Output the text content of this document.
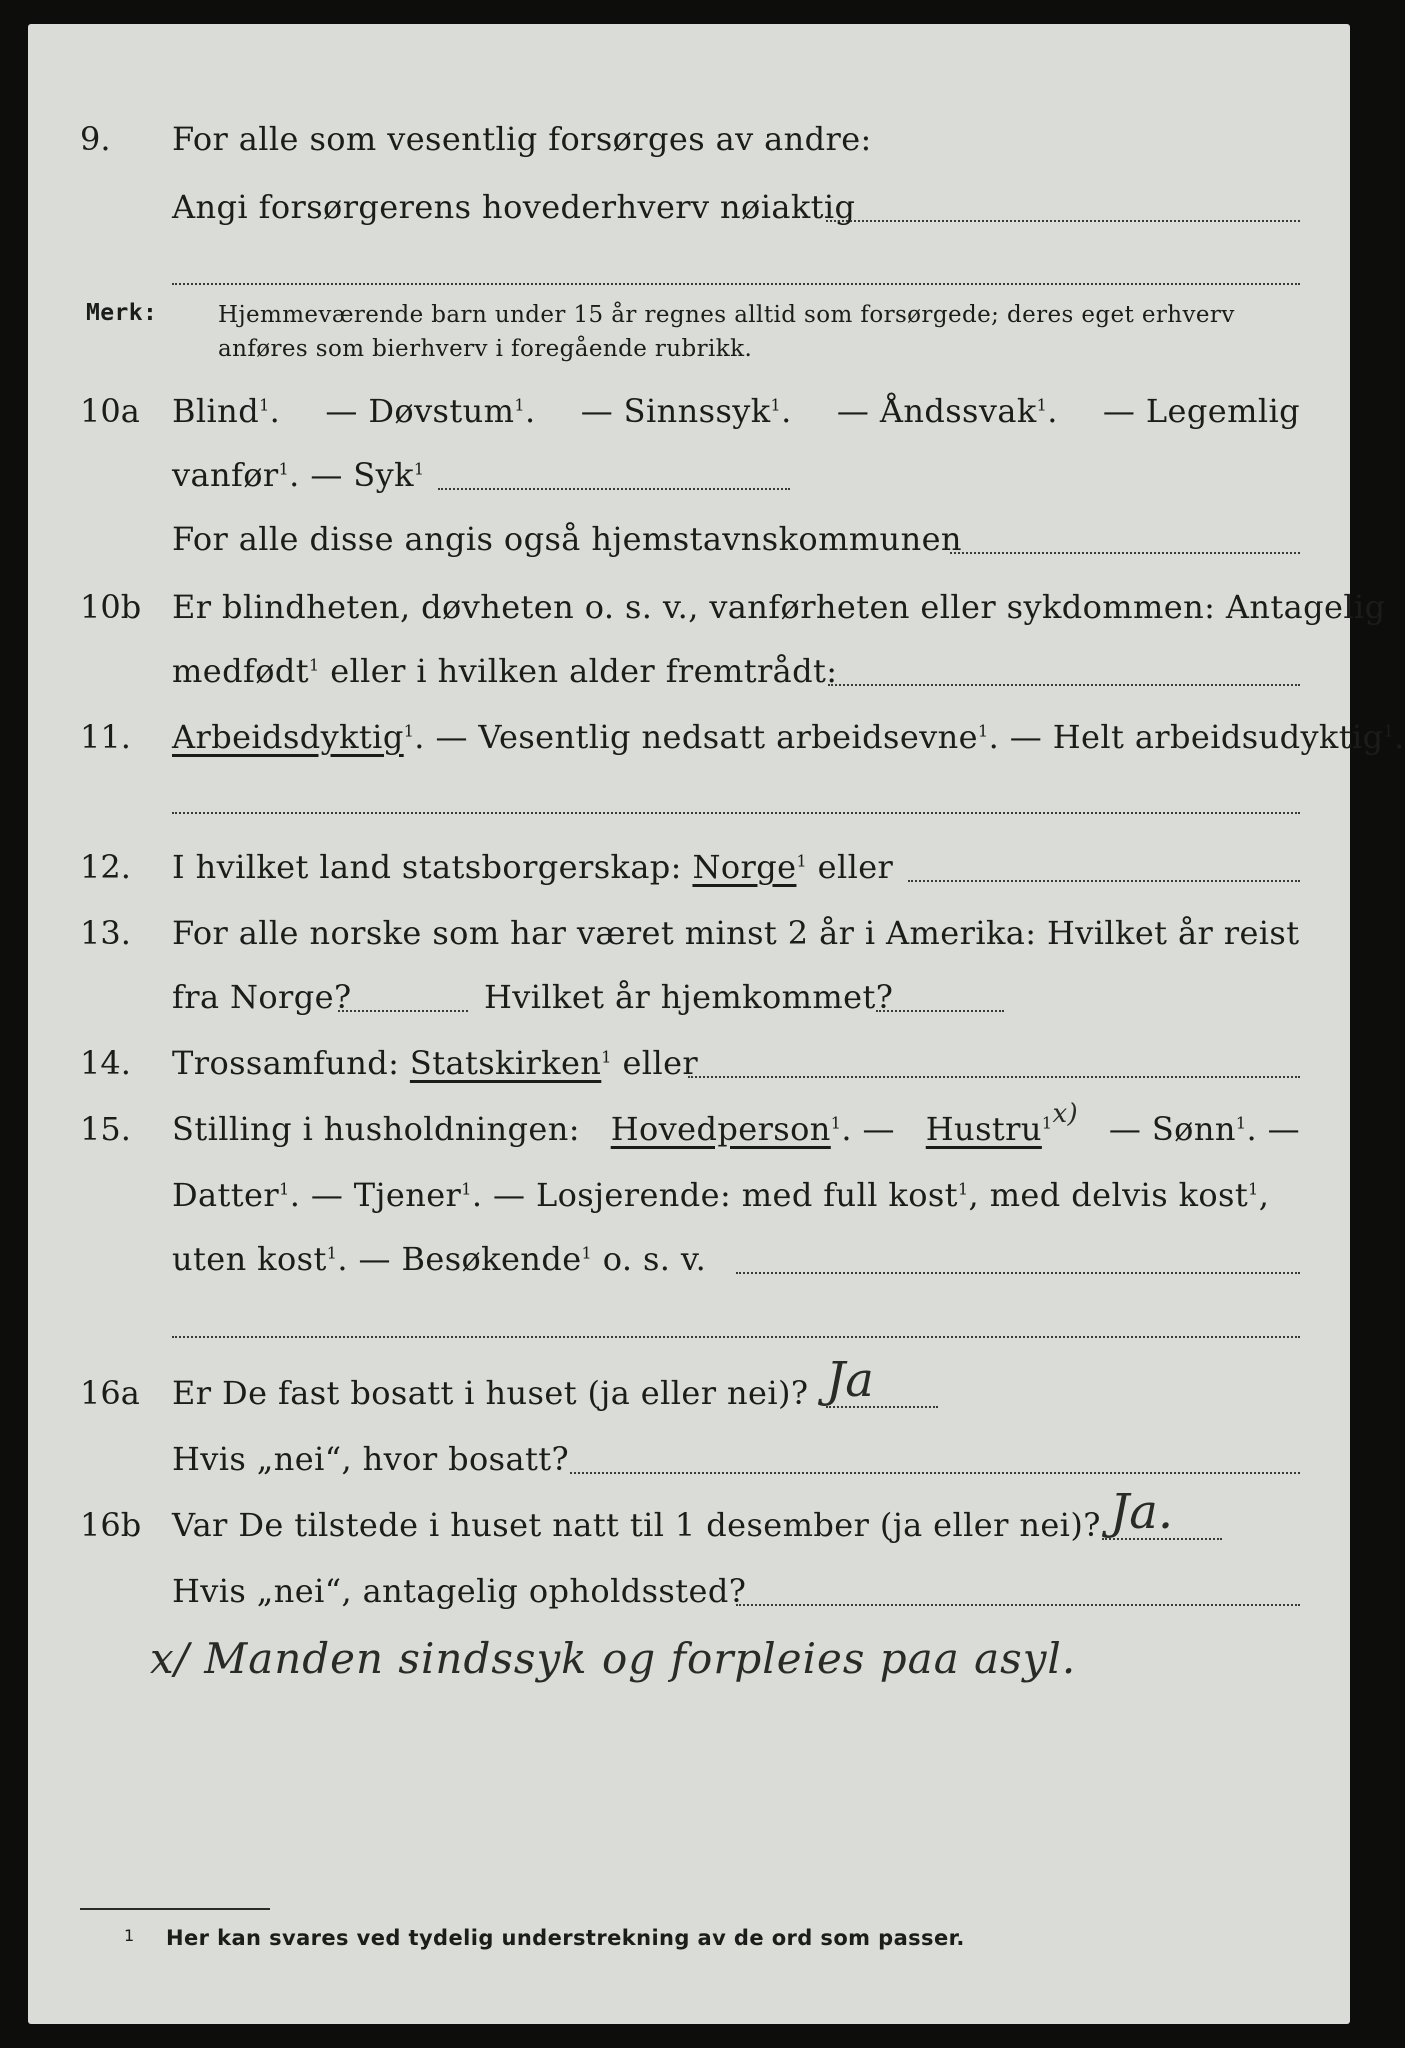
9. For alle som vesentlig forsørges av andre:
Angi forsørgerens hovederhverv nøiaktig
Merk:	Hjemmeværende barn under 15 år regnes alltid som forsørgede; deres eget erhverv
anføres som bierhverv i foregående rubrikk.
10a Blind$^1$. — Døvstum$^1$. — Sinnssyk$^1$. — Åndssvak$^1$. — Legemlig
vanfør$^1$. — Syk$^1$
For alle disse angis også hjemstavnskommunen
10b Er blindheten, døvheten o. s. v., vanførheten eller sykdommen: Antagelig
medfødt$^1$ eller i hvilken alder fremtrådt:
11. Arbeidsdyktig$^1$. — Vesentlig nedsatt arbeidsevne$^1$. — Helt arbeidsudyktig$^1$.
12. I hvilket land statsborgerskap: Norge$^1$ eller
13. For alle norske som har været minst 2 år i Amerika: Hvilket år reist
fra Norge?	Hvilket år hjemkommet?
14. Trossamfund: Statskirken$^1$ eller
15. Stilling i husholdningen: Hovedperson$^1$. — Hustru$^{1x)}$ — Sønn$^1$. —
Datter$^1$. — Tjener$^1$. — Losjerende: med full kost$^1$, med delvis kost$^1$,
uten kost$^1$. — Besøkende$^1$ o. s. v.
16a Er De fast bosatt i huset (ja eller nei)? Ja
Hvis „nei“, hvor bosatt?
16b Var De tilstede i huset natt til 1 desember (ja eller nei)? Ja.
Hvis „nei“, antagelig opholdssted?
x/ Manden sindssyk og forpleies paa asyl.
1 Her kan svares ved tydelig understrekning av de ord som passer.
